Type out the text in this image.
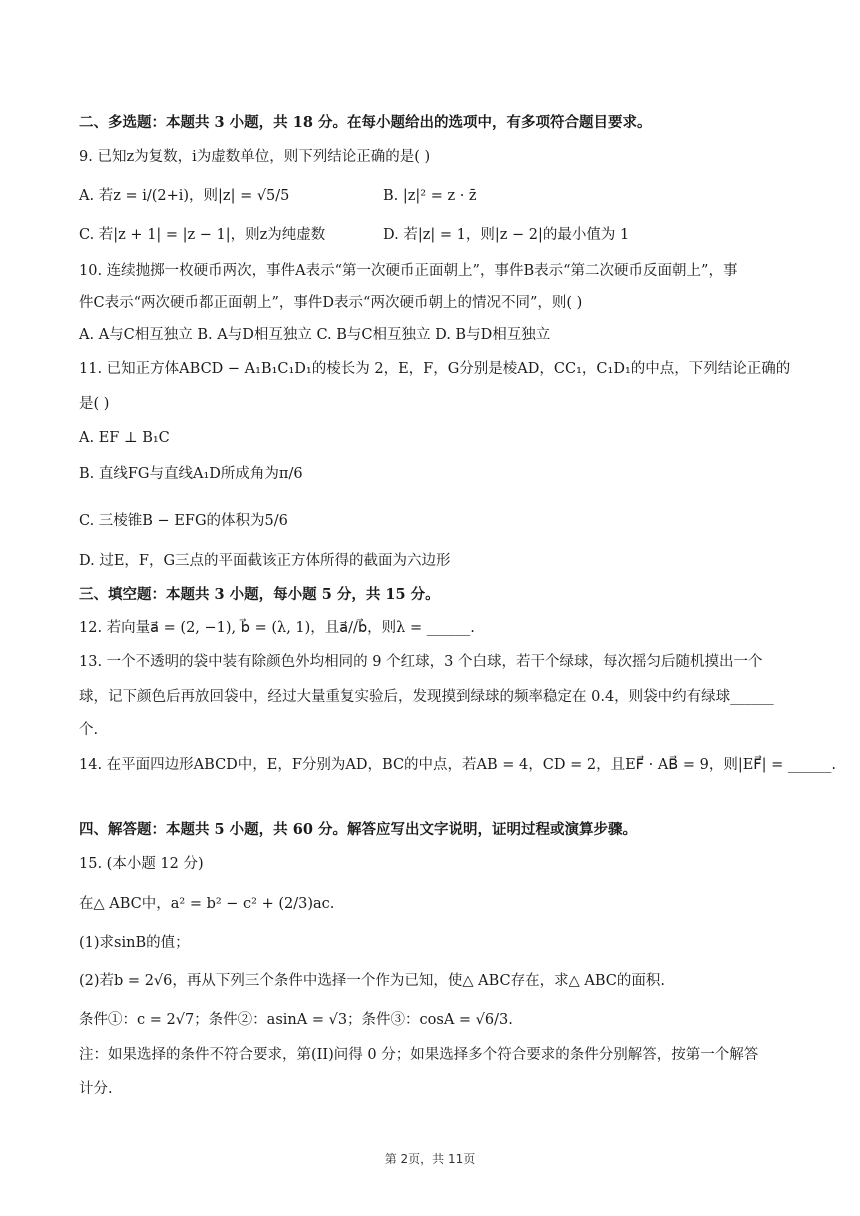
二、多选题：本题共 3 小题，共 18 分。在每小题给出的选项中，有多项符合题目要求。
9. 已知z为复数，i为虚数单位，则下列结论正确的是( )
A. 若z = i/(2+i)，则|z| = √5/5	B. |z|² = z · z̄
C. 若|z + 1| = |z − 1|，则z为纯虚数	D. 若|z| = 1，则|z − 2|的最小值为 1
10. 连续抛掷一枚硬币两次，事件A表示“第一次硬币正面朝上”，事件B表示“第二次硬币反面朝上”，事
件C表示“两次硬币都正面朝上”，事件D表示“两次硬币朝上的情况不同”，则( )
A. A与C相互独立 B. A与D相互独立 C. B与C相互独立 D. B与D相互独立
11. 已知正方体ABCD − A₁B₁C₁D₁的棱长为 2，E，F，G分别是棱AD，CC₁，C₁D₁的中点，下列结论正确的
是( )
A. EF ⊥ B₁C
B. 直线FG与直线A₁D所成角为π/6
C. 三棱锥B − EFG的体积为5/6
D. 过E，F，G三点的平面截该正方体所得的截面为六边形
三、填空题：本题共 3 小题，每小题 5 分，共 15 分。
12. 若向量a⃗ = (2, −1), b⃗ = (λ, 1)，且a⃗//b⃗，则λ = ______.
13. 一个不透明的袋中装有除颜色外均相同的 9 个红球，3 个白球，若干个绿球，每次摇匀后随机摸出一个
球，记下颜色后再放回袋中，经过大量重复实验后，发现摸到绿球的频率稳定在 0.4，则袋中约有绿球______
个.
14. 在平面四边形ABCD中，E，F分别为AD，BC的中点，若AB = 4，CD = 2，且EF⃗ · AB⃗ = 9，则|EF⃗| = ______.
四、解答题：本题共 5 小题，共 60 分。解答应写出文字说明，证明过程或演算步骤。
15. (本小题 12 分)
在△ ABC中，a² = b² − c² + (2/3)ac.
(1)求sinB的值；
(2)若b = 2√6，再从下列三个条件中选择一个作为已知，使△ ABC存在，求△ ABC的面积.
条件①：c = 2√7；条件②：asinA = √3；条件③：cosA = √6/3.
注：如果选择的条件不符合要求，第(II)问得 0 分；如果选择多个符合要求的条件分别解答，按第一个解答
计分.
第 2页，共 11页
